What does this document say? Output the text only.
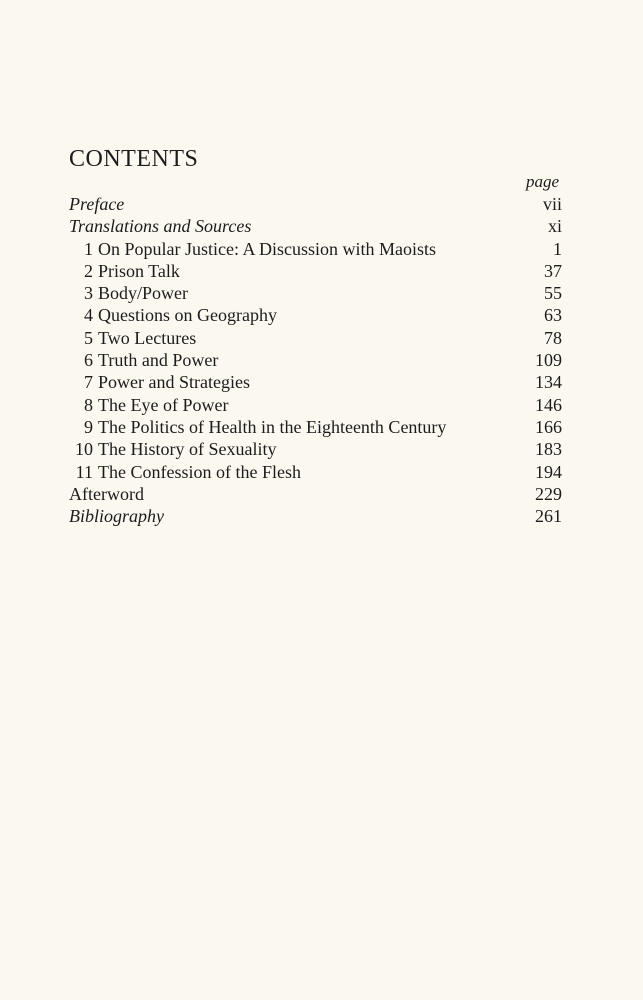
CONTENTS
page
Preface	vii
Translations and Sources	xi
1 On Popular Justice: A Discussion with Maoists	1
2 Prison Talk	37
3 Body/Power	55
4 Questions on Geography	63
5 Two Lectures	78
6 Truth and Power	109
7 Power and Strategies	134
8 The Eye of Power	146
9 The Politics of Health in the Eighteenth Century	166
10 The History of Sexuality	183
11 The Confession of the Flesh	194
Afterword	229
Bibliography	261
